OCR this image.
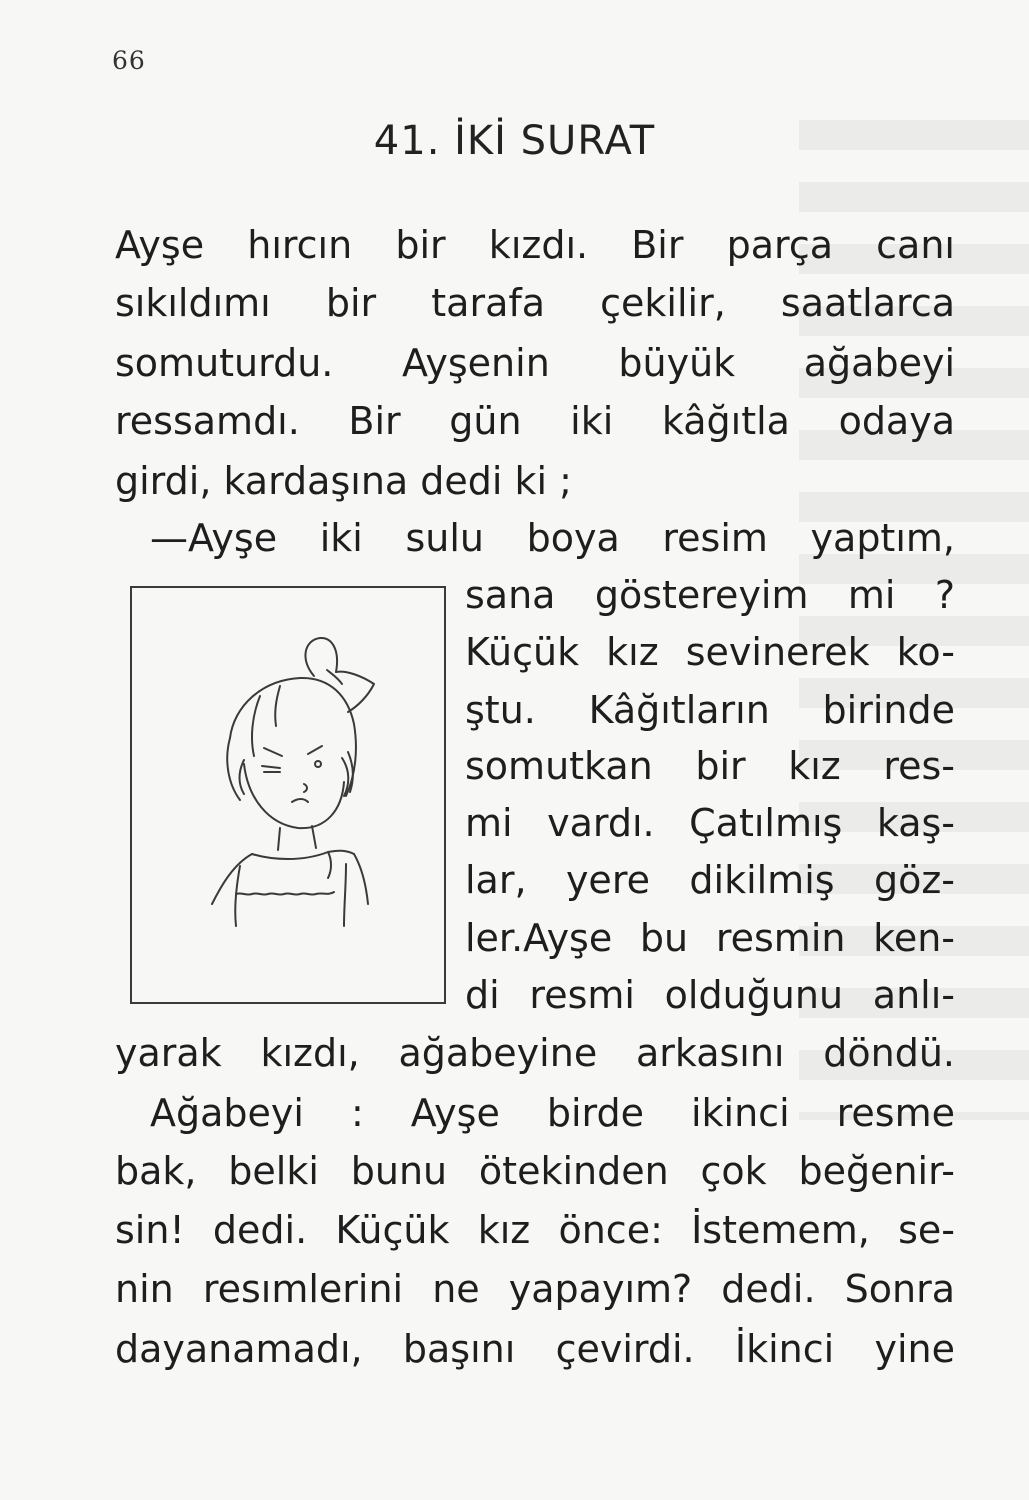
66
41. İKİ SURAT
Ayşe hırcın bir kızdı. Bir parça canı
sıkıldımı bir tarafa çekilir, saatlarca
somuturdu. Ayşenin büyük ağabeyi
ressamdı. Bir gün iki kâğıtla odaya
girdi, kardaşına dedi ki ;
—Ayşe iki sulu boya resim yaptım,
sana göstereyim mi ?
Küçük kız sevinerek ko-
ştu. Kâğıtların birinde
somutkan bir kız res-
mi vardı. Çatılmış kaş-
lar, yere dikilmiş göz-
ler.Ayşe bu resmin ken-
di resmi olduğunu anlı-
yarak kızdı, ağabeyine arkasını döndü.
Ağabeyi : Ayşe birde ikinci resme
bak, belki bunu ötekinden çok beğenir-
sin! dedi. Küçük kız önce: İstemem, se-
nin resımlerini ne yapayım? dedi. Sonra
dayanamadı, başını çevirdi. İkinci yine
